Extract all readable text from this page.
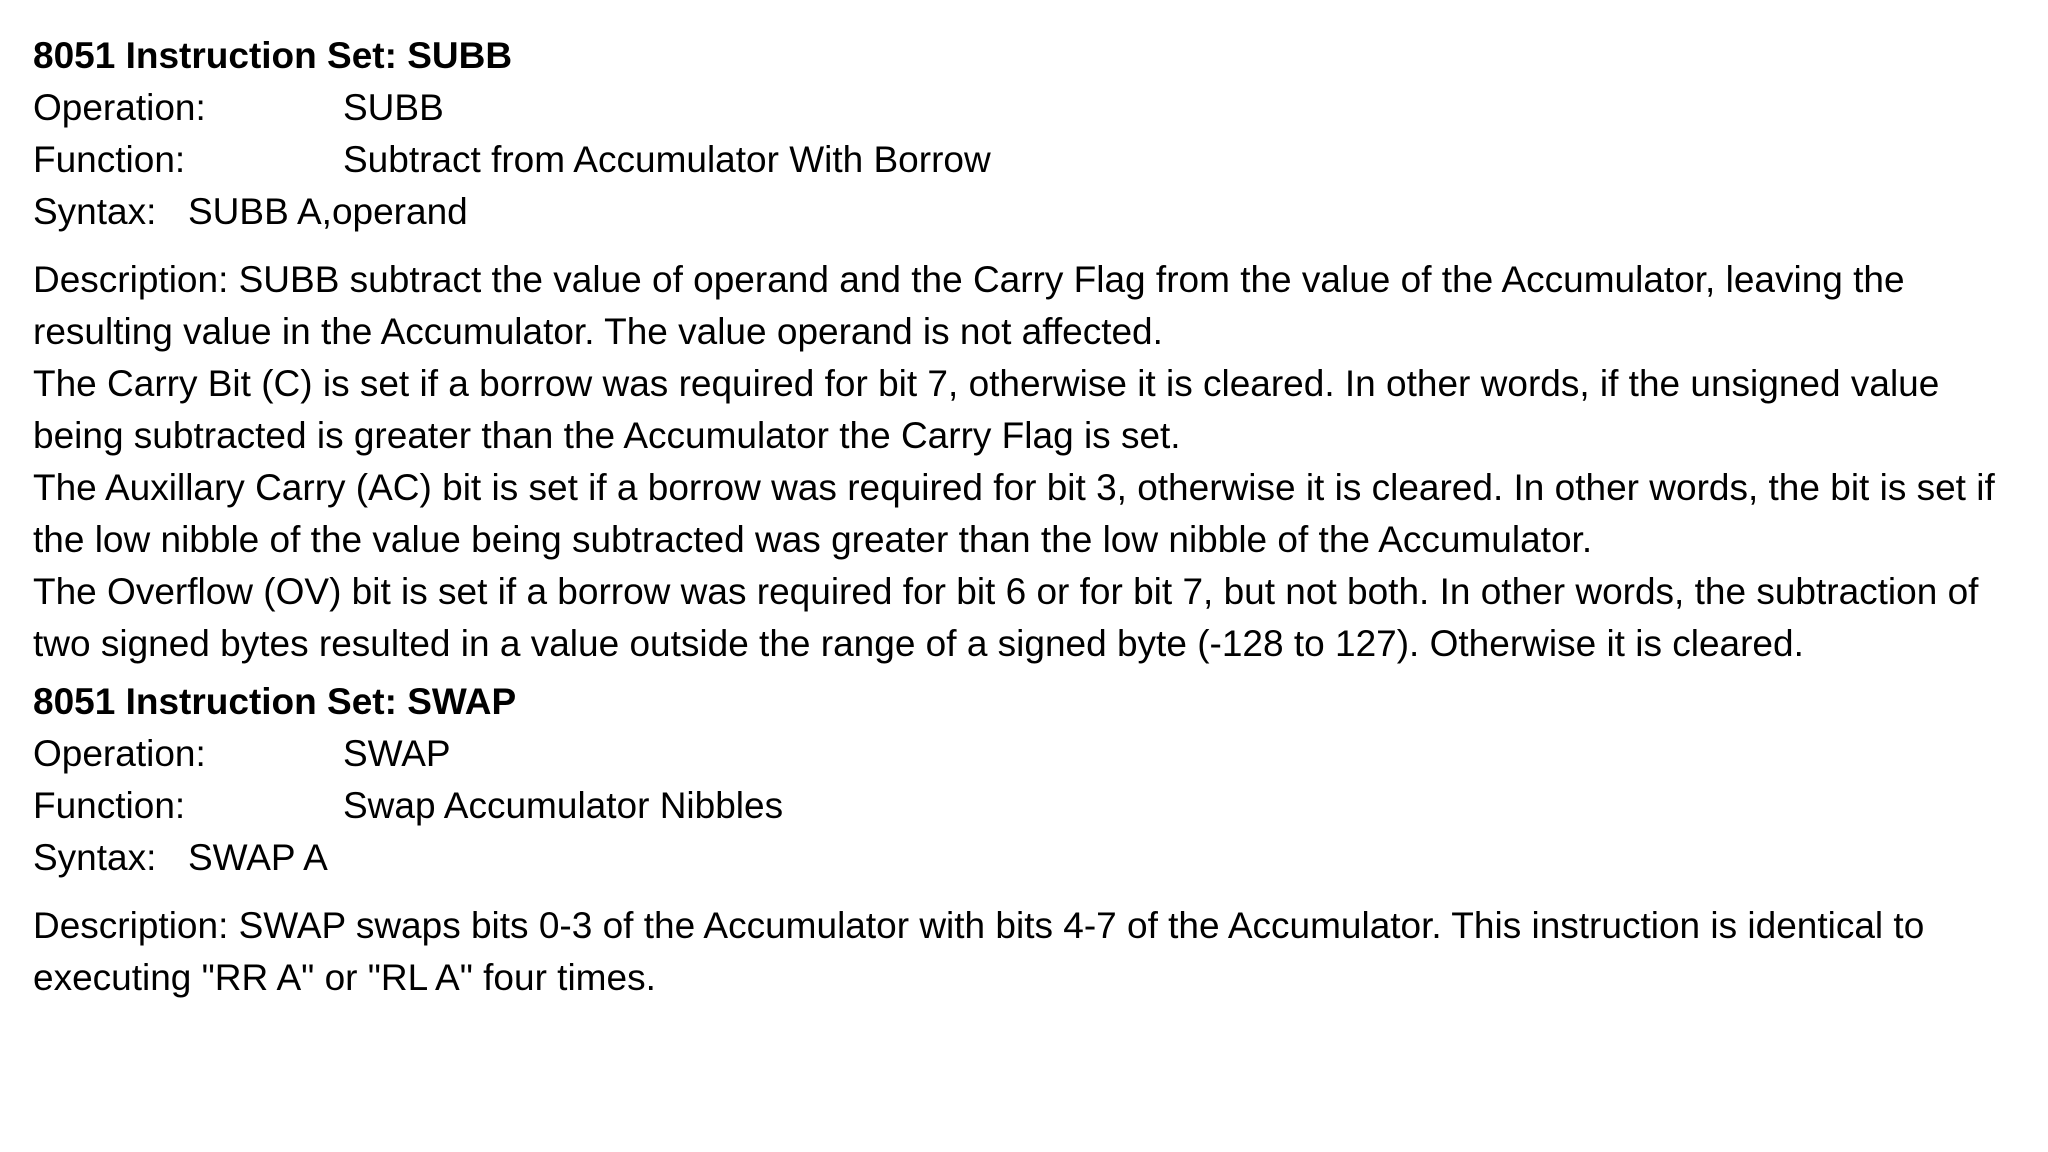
8051 Instruction Set: SUBB
Operation:	SUBB
Function:	Subtract from Accumulator With Borrow
Syntax: SUBB A,operand

Description: SUBB subtract the value of operand and the Carry Flag from the value of the Accumulator, leaving the resulting value in the Accumulator. The value operand is not affected.

The Carry Bit (C) is set if a borrow was required for bit 7, otherwise it is cleared. In other words, if the unsigned value being subtracted is greater than the Accumulator the Carry Flag is set.

The Auxillary Carry (AC) bit is set if a borrow was required for bit 3, otherwise it is cleared. In other words, the bit is set if the low nibble of the value being subtracted was greater than the low nibble of the Accumulator.

The Overflow (OV) bit is set if a borrow was required for bit 6 or for bit 7, but not both. In other words, the subtraction of two signed bytes resulted in a value outside the range of a signed byte (-128 to 127). Otherwise it is cleared.

8051 Instruction Set: SWAP
Operation:	SWAP
Function:	Swap Accumulator Nibbles
Syntax: SWAP A

Description: SWAP swaps bits 0-3 of the Accumulator with bits 4-7 of the Accumulator. This instruction is identical to executing "RR A" or "RL A" four times.
